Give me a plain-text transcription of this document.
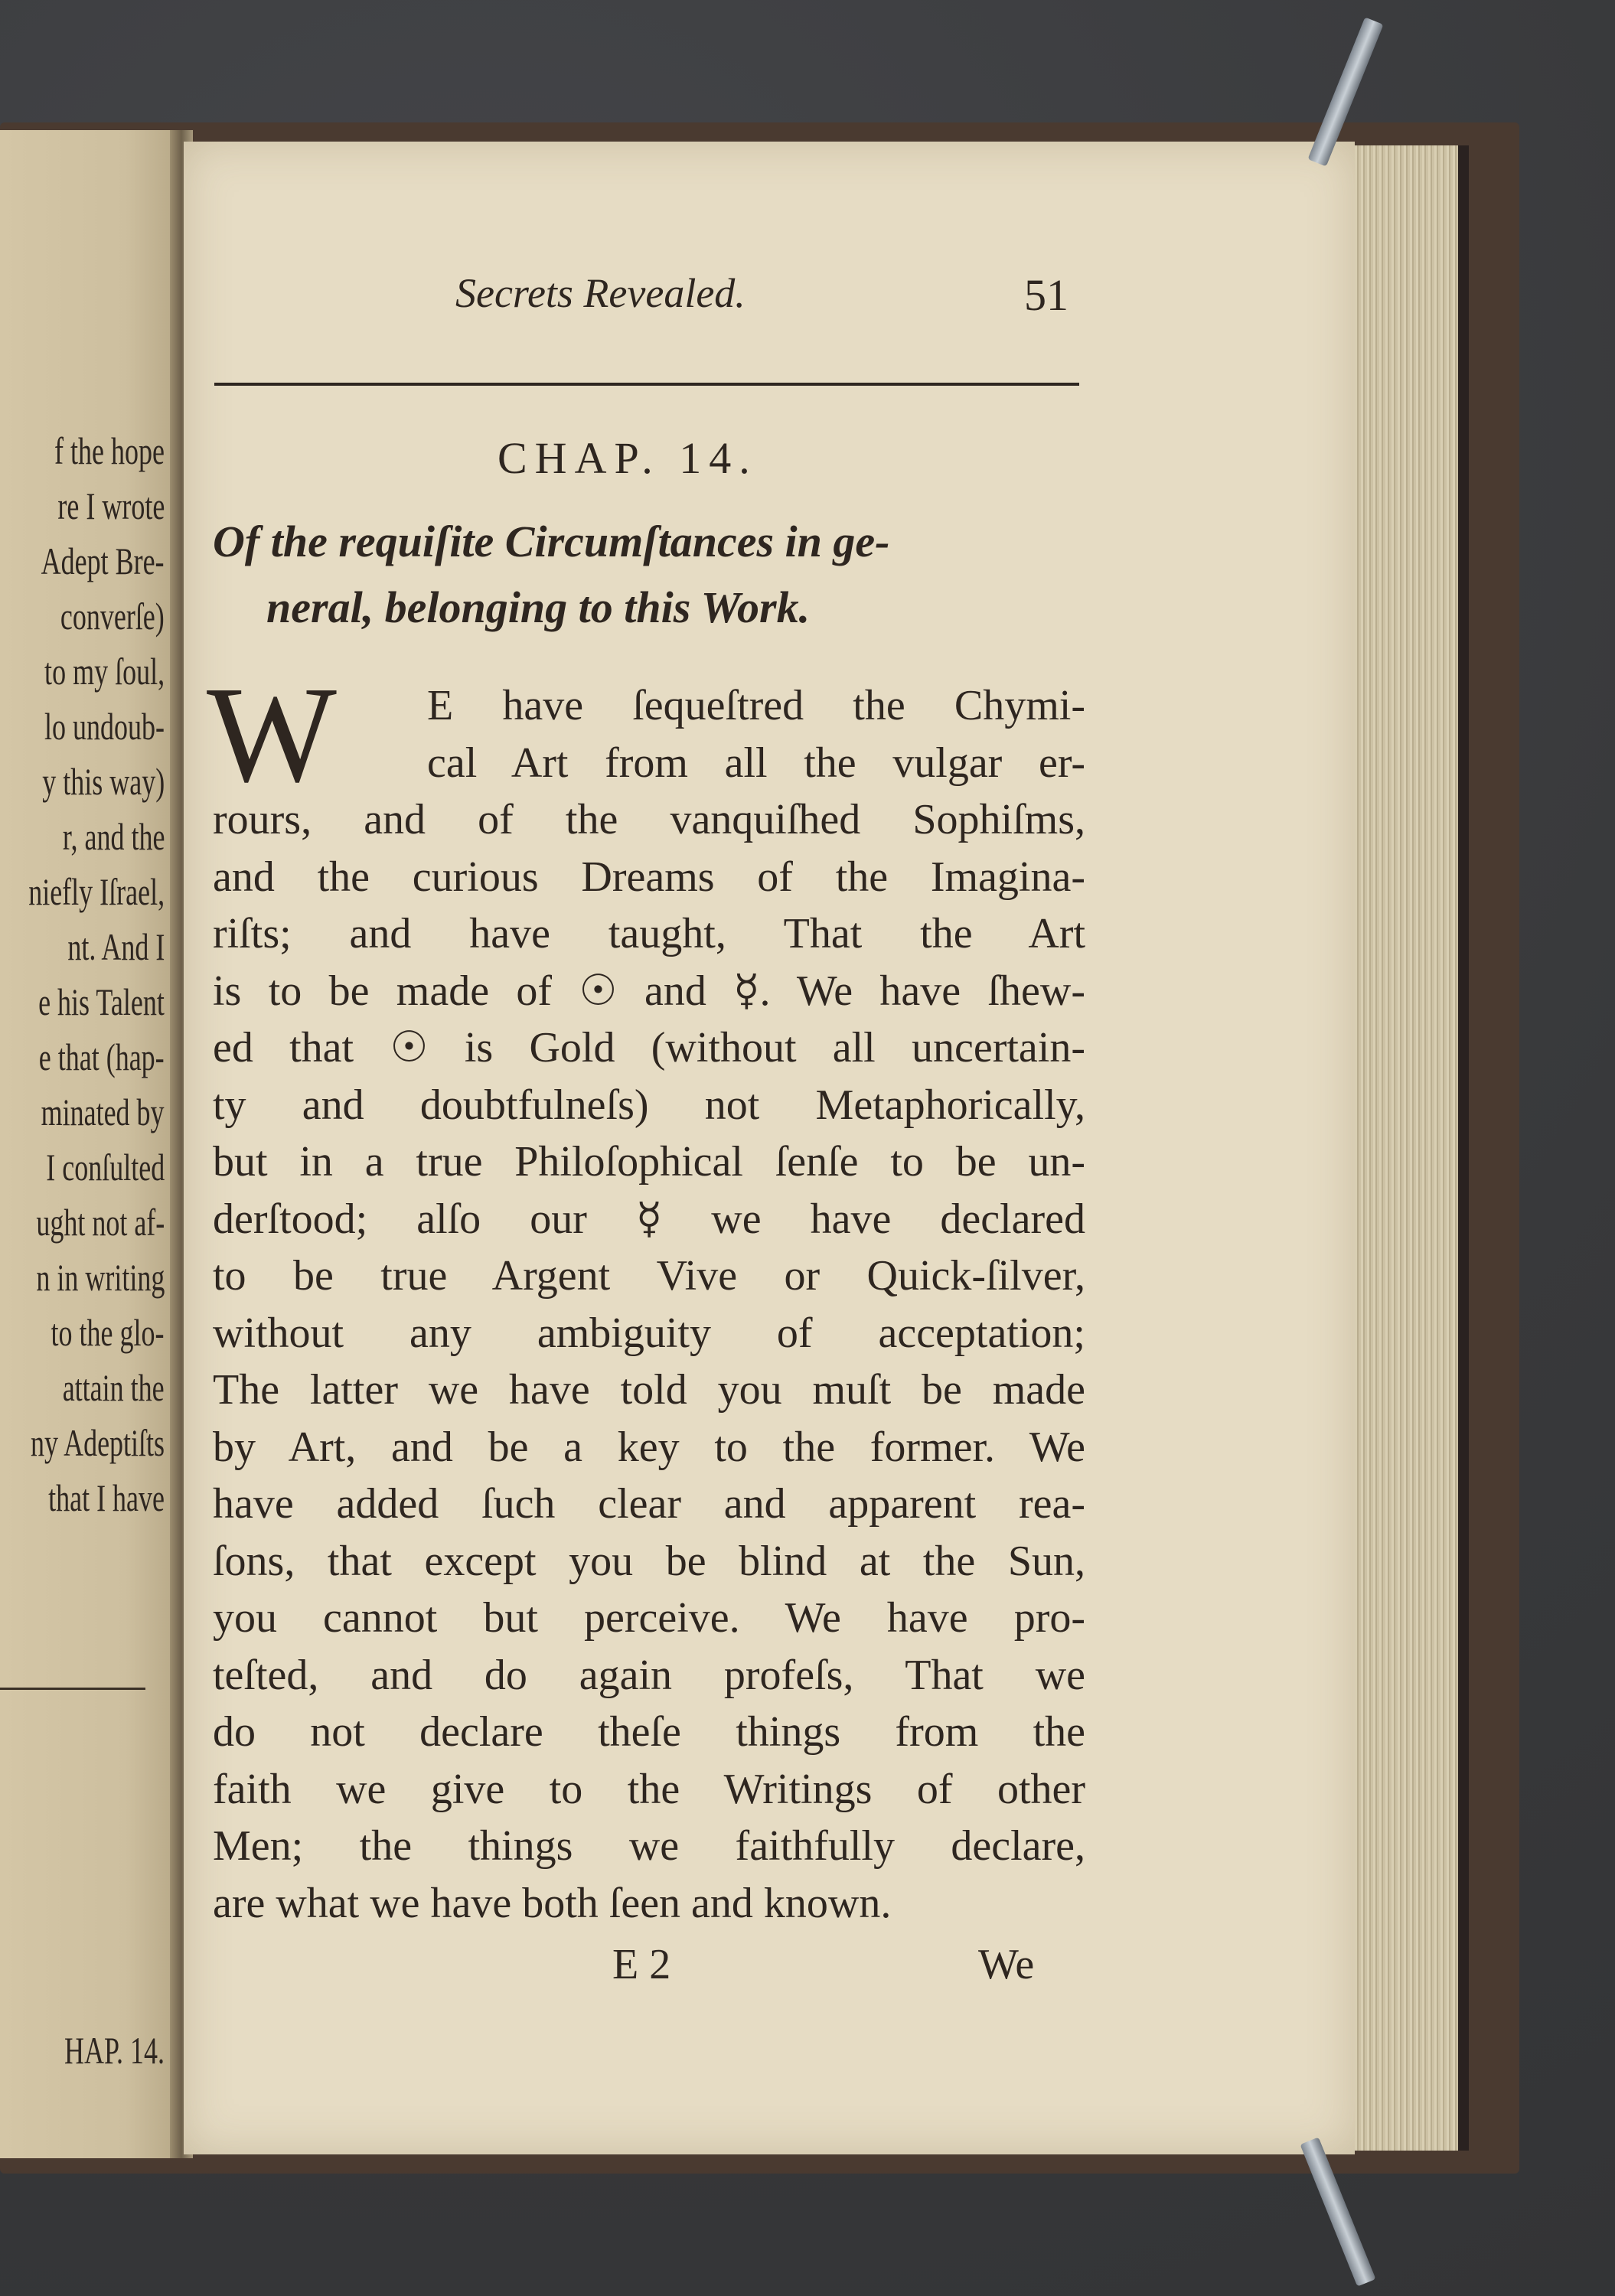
f the hope
re I wrote
Adept Bre-
converſe)
to my ſoul,
lo undoub-
y this way)
r, and the
niefly Iſrael,
nt. And I
e his Talent
e that (hap-
minated by
I conſulted
ught not af-
n in writing
to the glo-
attain the
ny Adeptiſts
that I have
HAP. 14.
Secrets Revealed.	51
CHAP. 14.
Of the requiſite Circumſtances in ge-
neral, belonging to this Work.
W	E have ſequeſtred the Chymi-
cal Art from all the vulgar er-
rours, and of the vanquiſhed Sophiſms,
and the curious Dreams of the Imagina-
riſts; and have taught, That the Art
is to be made of ☉ and ☿. We have ſhew-
ed that ☉ is Gold (without all uncertain-
ty and doubtfulneſs) not Metaphorically,
but in a true Philoſophical ſenſe to be un-
derſtood; alſo our ☿ we have declared
to be true Argent Vive or Quick-ſilver,
without any ambiguity of acceptation;
The latter we have told you muſt be made
by Art, and be a key to the former. We
have added ſuch clear and apparent rea-
ſons, that except you be blind at the Sun,
you cannot but perceive. We have pro-
teſted, and do again profeſs, That we
do not declare theſe things from the
faith we give to the Writings of other
Men; the things we faithfully declare,
are what we have both ſeen and known.
E 2	We
